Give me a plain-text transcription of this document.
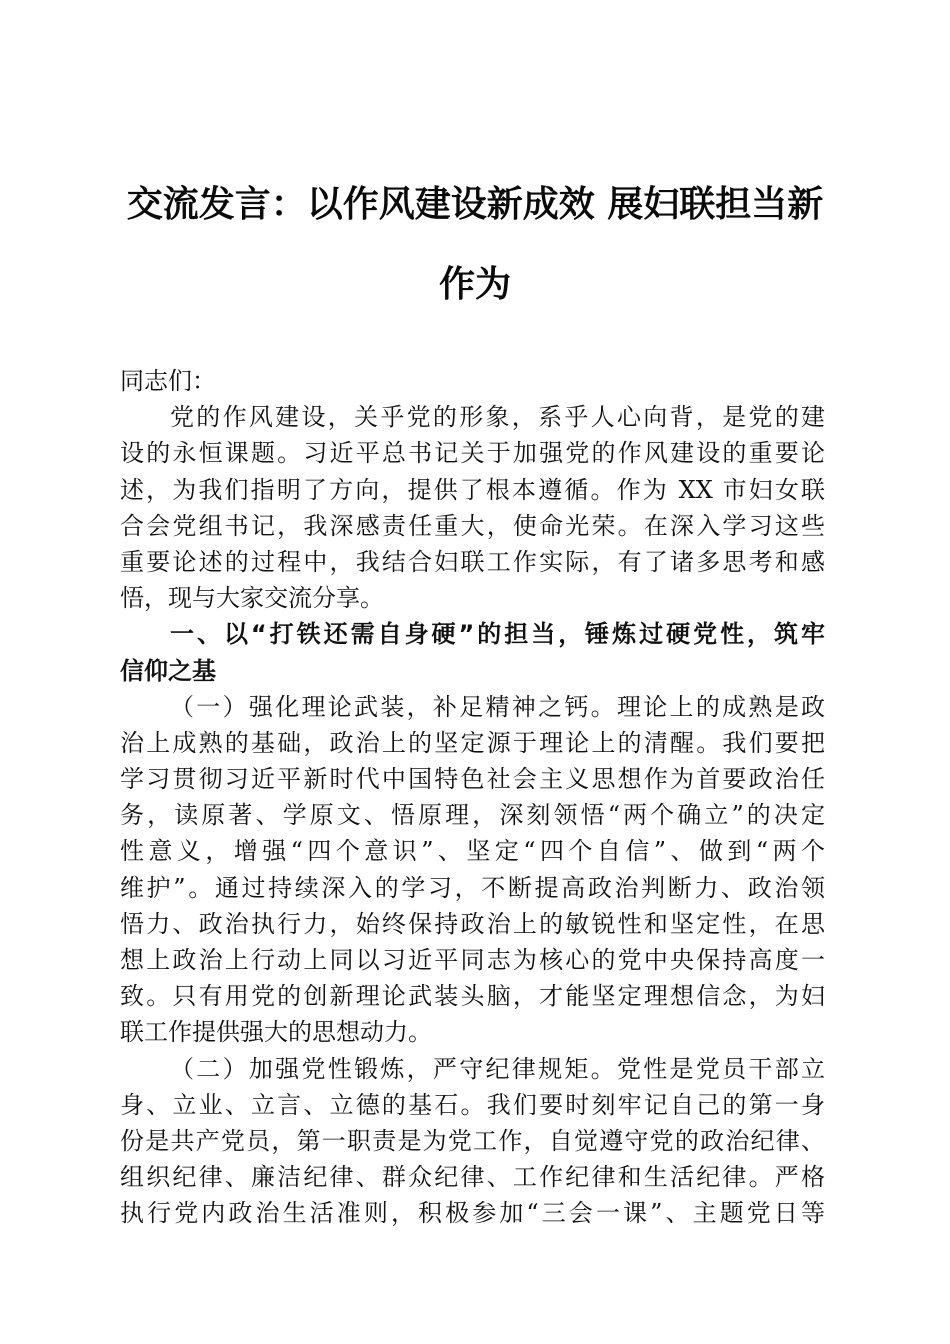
交流发言：以作风建设新成效 展妇联担当新
作为
同志们：
党的作风建设，关乎党的形象，系乎人心向背，是党的建
设的永恒课题。习近平总书记关于加强党的作风建设的重要论
述，为我们指明了方向，提供了根本遵循。作为 XX 市妇女联
合会党组书记，我深感责任重大，使命光荣。在深入学习这些
重要论述的过程中，我结合妇联工作实际，有了诸多思考和感
悟，现与大家交流分享。
一、以“打铁还需自身硬”的担当，锤炼过硬党性，筑牢
信仰之基
（一）强化理论武装，补足精神之钙。理论上的成熟是政
治上成熟的基础，政治上的坚定源于理论上的清醒。我们要把
学习贯彻习近平新时代中国特色社会主义思想作为首要政治任
务，读原著、学原文、悟原理，深刻领悟“两个确立”的决定
性意义，增强“四个意识”、坚定“四个自信”、做到“两个
维护”。通过持续深入的学习，不断提高政治判断力、政治领
悟力、政治执行力，始终保持政治上的敏锐性和坚定性，在思
想上政治上行动上同以习近平同志为核心的党中央保持高度一
致。只有用党的创新理论武装头脑，才能坚定理想信念，为妇
联工作提供强大的思想动力。
（二）加强党性锻炼，严守纪律规矩。党性是党员干部立
身、立业、立言、立德的基石。我们要时刻牢记自己的第一身
份是共产党员，第一职责是为党工作，自觉遵守党的政治纪律、
组织纪律、廉洁纪律、群众纪律、工作纪律和生活纪律。严格
执行党内政治生活准则，积极参加“三会一课”、主题党日等
